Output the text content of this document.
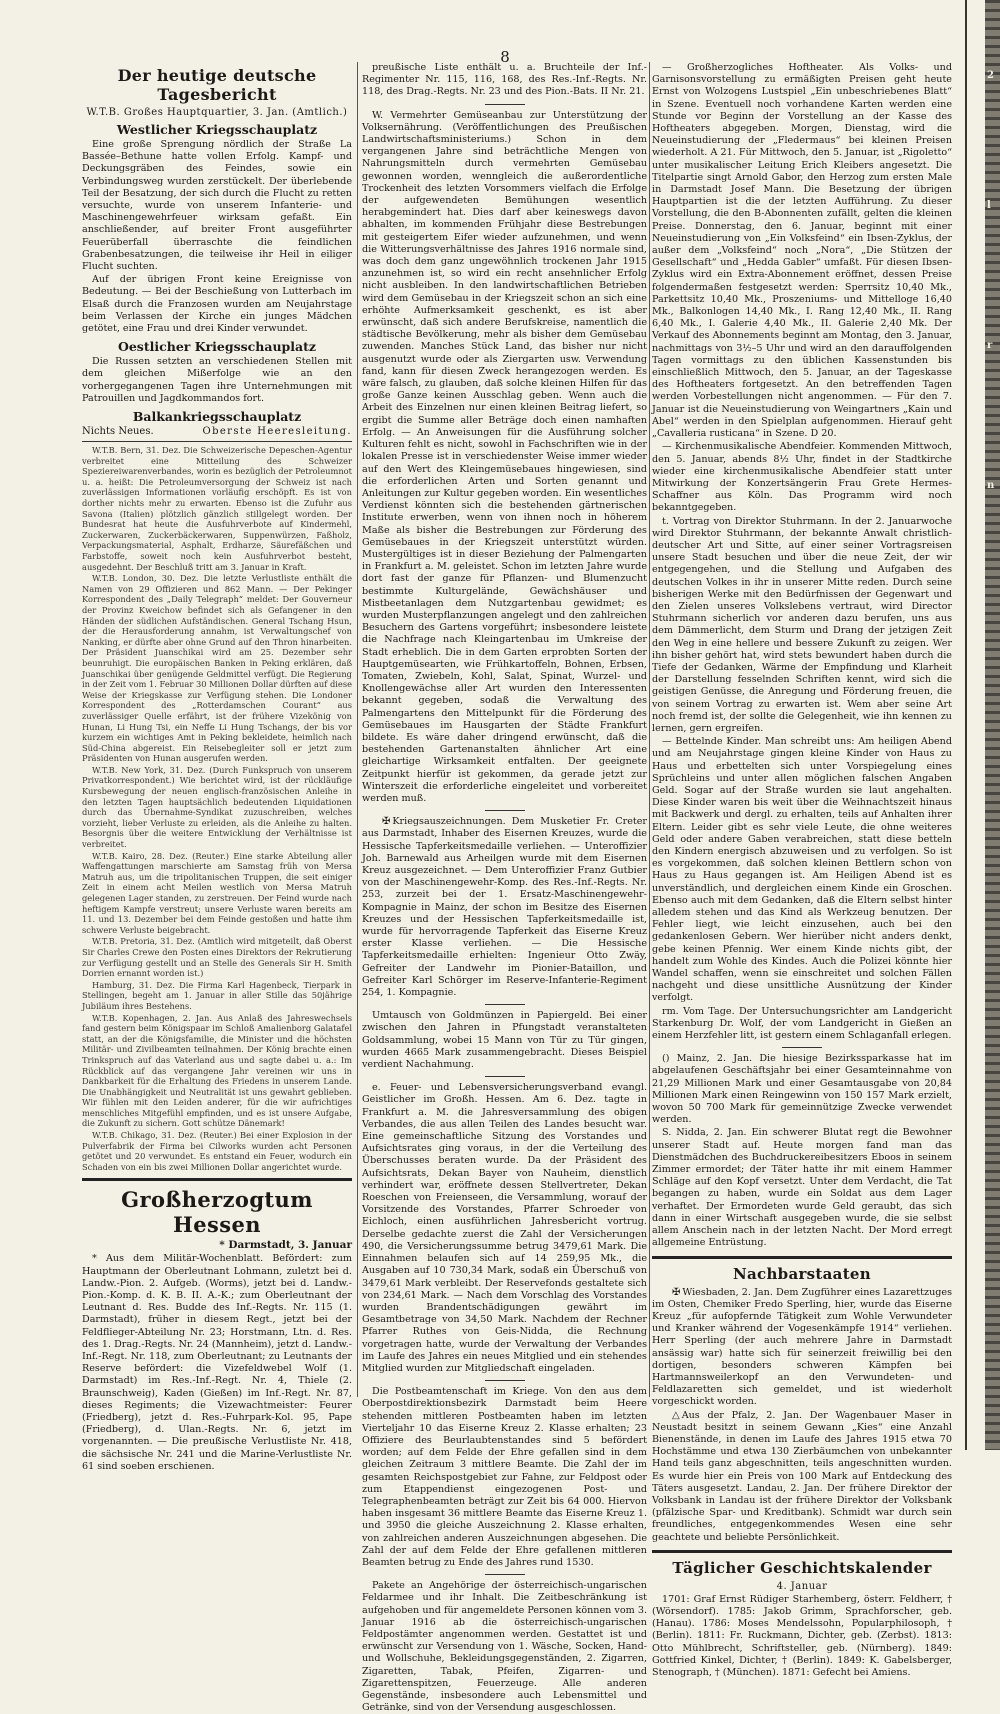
8
2
l
r
n
Der heutige deutsche Tagesbericht
W.T.B. Großes Hauptquartier, 3. Jan. (Amtlich.)
Westlicher Kriegsschauplatz

Eine große Sprengung nördlich der Straße La Bassée–Bethune hatte vollen Erfolg. Kampf- und Deckungsgräben des Feindes, sowie ein Verbindungsweg wurden zerstückelt. Der überlebende Teil der Besatzung, der sich durch die Flucht zu retten versuchte, wurde von unserem Infanterie- und Maschinengewehrfeuer wirksam gefaßt. Ein anschließender, auf breiter Front ausgeführter Feuerüberfall überraschte die feindlichen Grabenbesatzungen, die teilweise ihr Heil in eiliger Flucht suchten.

Auf der übrigen Front keine Ereignisse von Bedeutung. — Bei der Beschießung von Lutterbach im Elsaß durch die Franzosen wurden am Neujahrstage beim Verlassen der Kirche ein junges Mädchen getötet, eine Frau und drei Kinder verwundet.

Oestlicher Kriegsschauplatz

Die Russen setzten an verschiedenen Stellen mit dem gleichen Mißerfolge wie an den vorhergegangenen Tagen ihre Unternehmungen mit Patrouillen und Jagdkommandos fort.

Balkankriegsschauplatz
Nichts Neues.	Oberste Heeresleitung.

W.T.B. Bern, 31. Dez. Die Schweizerische Depeschen-Agentur verbreitet eine Mitteilung des Schweizer Speziereiwarenverbandes, worin es bezüglich der Petroleumnot u. a. heißt: Die Petroleumversorgung der Schweiz ist nach zuverlässigen Informationen vorläufig erschöpft. Es ist von dorther nichts mehr zu erwarten. Ebenso ist die Zufuhr aus Savona (Italien) plötzlich gänzlich stillgelegt worden. Der Bundesrat hat heute die Ausfuhrverbote auf Kindermehl, Zuckerwaren, Zuckerbäckerwaren, Suppenwürzen, Faßholz, Verpackungsmaterial, Asphalt, Erdharze, Säurefäßchen und Farbstoffe, soweit noch kein Ausfuhrverbot besteht, ausgedehnt. Der Beschluß tritt am 3. Januar in Kraft.

W.T.B. London, 30. Dez. Die letzte Verlustliste enthält die Namen von 29 Offizieren und 862 Mann. — Der Pekinger Korrespondent des „Daily Telegraph“ meldet: Der Gouverneur der Provinz Kweichow befindet sich als Gefangener in den Händen der südlichen Aufständischen. General Tschang Hsun, der die Herausforderung annahm, ist Verwaltungschef von Nanking, er dürfte aber ohne Grund auf den Thron hinarbeiten. Der Präsident Juanschikai wird am 25. Dezember sehr beunruhigt. Die europäischen Banken in Peking erklären, daß Juanschikai über genügende Geldmittel verfügt. Die Regierung in der Zeit vom 1. Februar 30 Millionen Dollar dürften auf diese Weise der Kriegskasse zur Verfügung stehen. Die Londoner Korrespondent des „Rotterdamschen Courant“ aus zuverlässiger Quelle erfährt, ist der frühere Vizekönig von Hunan, Li Hung Tsi, ein Neffe Li Hung Tschangs, der bis vor kurzem ein wichtiges Amt in Peking bekleidete, heimlich nach Süd-China abgereist. Ein Reisebegleiter soll er jetzt zum Präsidenten von Hunan ausgerufen werden.

W.T.B. New York, 31. Dez. (Durch Funkspruch von unserem Privatkorrespondent.) Wie berichtet wird, ist der rückläufige Kursbewegung der neuen englisch-französischen Anleihe in den letzten Tagen hauptsächlich bedeutenden Liquidationen durch das Übernahme-Syndikat zuzuschreiben, welches vorzieht, lieber Verluste zu erleiden, als die Anleihe zu halten. Besorgnis über die weitere Entwicklung der Verhältnisse ist verbreitet.

W.T.B. Kairo, 28. Dez. (Reuter.) Eine starke Abteilung aller Waffengattungen marschierte am Samstag früh von Mersa Matruh aus, um die tripolitanischen Truppen, die seit einiger Zeit in einem acht Meilen westlich von Mersa Matruh gelegenen Lager standen, zu zerstreuen. Der Feind wurde nach heftigem Kampfe verstreut; unsere Verluste waren bereits am 11. und 13. Dezember bei dem Feinde gestoßen und hatte ihm schwere Verluste beigebracht.

W.T.B. Pretoria, 31. Dez. (Amtlich wird mitgeteilt, daß Oberst Sir Charles Crewe den Posten eines Direktors der Rekrutierung zur Verfügung gestellt und an Stelle des Generals Sir H. Smith Dorrien ernannt worden ist.)

Hamburg, 31. Dez. Die Firma Karl Hagenbeck, Tierpark in Stellingen, begeht am 1. Januar in aller Stille das 50jährige Jubiläum ihres Bestehens.

W.T.B. Kopenhagen, 2. Jan. Aus Anlaß des Jahreswechsels fand gestern beim Königspaar im Schloß Amalienborg Galatafel statt, an der die Königsfamilie, die Minister und die höchsten Militär- und Zivilbeamten teilnahmen. Der König brachte einen Trinkspruch auf das Vaterland aus und sagte dabei u. a.: Im Rückblick auf das vergangene Jahr vereinen wir uns in Dankbarkeit für die Erhaltung des Friedens in unserem Lande. Die Unabhängigkeit und Neutralität ist uns gewahrt geblieben. Wir fühlen mit den Leiden anderer, für die wir aufrichtiges menschliches Mitgefühl empfinden, und es ist unsere Aufgabe, die Zukunft zu sichern. Gott schütze Dänemark!

W.T.B. Chikago, 31. Dez. (Reuter.) Bei einer Explosion in der Pulverfabrik der Firma bei Cilworks wurden acht Personen getötet und 20 verwundet. Es entstand ein Feuer, wodurch ein Schaden von ein bis zwei Millionen Dollar angerichtet wurde.

Großherzogtum Hessen
* Darmstadt, 3. Januar

* Aus dem Militär-Wochenblatt. Befördert: zum Hauptmann der Oberleutnant Lohmann, zuletzt bei d. Landw.-Pion. 2. Aufgeb. (Worms), jetzt bei d. Landw.-Pion.-Komp. d. K. B. II. A.-K.; zum Oberleutnant der Leutnant d. Res. Budde des Inf.-Regts. Nr. 115 (1. Darmstadt), früher in diesem Regt., jetzt bei der Feldflieger-Abteilung Nr. 23; Horstmann, Ltn. d. Res. des 1. Drag.-Regts. Nr. 24 (Mannheim), jetzt d. Landw.-Inf.-Regt. Nr. 118, zum Oberleutnant; zu Leutnants der Reserve befördert: die Vizefeldwebel Wolf (1. Darmstadt) im Res.-Inf.-Regt. Nr. 4, Thiele (2. Braunschweig), Kaden (Gießen) im Inf.-Regt. Nr. 87, dieses Regiments; die Vizewachtmeister: Feurer (Friedberg), jetzt d. Res.-Fuhrpark-Kol. 95, Pape (Friedberg), d. Ulan.-Regts. Nr. 6, jetzt im vorgenannten. — Die preußische Verlustliste Nr. 418, die sächsische Nr. 241 und die Marine-Verlustliste Nr. 61 sind soeben erschienen.

preußische Liste enthält u. a. Bruchteile der Inf.-Regimenter Nr. 115, 116, 168, des Res.-Inf.-Regts. Nr. 118, des Drag.-Regts. Nr. 23 und des Pion.-Bats. II Nr. 21.

W. Vermehrter Gemüseanbau zur Unterstützung der Volksernährung. (Veröffentlichungen des Preußischen Landwirtschaftsministeriums.) Schon in dem vergangenen Jahre sind beträchtliche Mengen von Nahrungsmitteln durch vermehrten Gemüsebau gewonnen worden, wenngleich die außerordentliche Trockenheit des letzten Vorsommers vielfach die Erfolge der aufgewendeten Bemühungen wesentlich herabgemindert hat. Dies darf aber keineswegs davon abhalten, im kommenden Frühjahr diese Bestrebungen mit gesteigertem Eifer wieder aufzunehmen, und wenn die Witterungsverhältnisse des Jahres 1916 normale sind, was doch dem ganz ungewöhnlich trockenen Jahr 1915 anzunehmen ist, so wird ein recht ansehnlicher Erfolg nicht ausbleiben. In den landwirtschaftlichen Betrieben wird dem Gemüsebau in der Kriegszeit schon an sich eine erhöhte Aufmerksamkeit geschenkt, es ist aber erwünscht, daß sich andere Berufskreise, namentlich die städtische Bevölkerung, mehr als bisher dem Gemüsebau zuwenden. Manches Stück Land, das bisher nur nicht ausgenutzt wurde oder als Ziergarten usw. Verwendung fand, kann für diesen Zweck herangezogen werden. Es wäre falsch, zu glauben, daß solche kleinen Hilfen für das große Ganze keinen Ausschlag geben. Wenn auch die Arbeit des Einzelnen nur einen kleinen Beitrag liefert, so ergibt die Summe aller Beträge doch einen namhaften Erfolg. — An Anweisungen für die Ausführung solcher Kulturen fehlt es nicht, sowohl in Fachschriften wie in der lokalen Presse ist in verschiedenster Weise immer wieder auf den Wert des Kleingemüsebaues hingewiesen, sind die erforderlichen Arten und Sorten genannt und Anleitungen zur Kultur gegeben worden. Ein wesentliches Verdienst könnten sich die bestehenden gärtnerischen Institute erwerben, wenn von ihnen noch in höherem Maße als bisher die Bestrebungen zur Förderung des Gemüsebaues in der Kriegszeit unterstützt würden. Mustergültiges ist in dieser Beziehung der Palmengarten in Frankfurt a. M. geleistet. Schon im letzten Jahre wurde dort fast der ganze für Pflanzen- und Blumenzucht bestimmte Kulturgelände, Gewächshäuser und Mistbeetanlagen dem Nutzgartenbau gewidmet; es wurden Musterpflanzungen angelegt und den zahlreichen Besuchern des Gartens vorgeführt; insbesondere leistete die Nachfrage nach Kleingartenbau im Umkreise der Stadt erheblich. Die in dem Garten erprobten Sorten der Hauptgemüsearten, wie Frühkartoffeln, Bohnen, Erbsen, Tomaten, Zwiebeln, Kohl, Salat, Spinat, Wurzel- und Knollengewächse aller Art wurden den Interessenten bekannt gegeben, sodaß die Verwaltung des Palmengartens den Mittelpunkt für die Förderung des Gemüsebaues im Hausgarten der Städte Frankfurt bildete. Es wäre daher dringend erwünscht, daß die bestehenden Gartenanstalten ähnlicher Art eine gleichartige Wirksamkeit entfalten. Der geeignete Zeitpunkt hierfür ist gekommen, da gerade jetzt zur Winterszeit die erforderliche eingeleitet und vorbereitet werden muß.

✠ Kriegsauszeichnungen. Dem Musketier Fr. Creter aus Darmstadt, Inhaber des Eisernen Kreuzes, wurde die Hessische Tapferkeitsmedaille verliehen. — Unteroffizier Joh. Barnewald aus Arheilgen wurde mit dem Eisernen Kreuz ausgezeichnet. — Dem Unteroffizier Franz Gutbier von der Maschinengewehr-Komp. des Res.-Inf.-Regts. Nr. 253, zurzeit bei der 1. Ersatz-Maschinengewehr-Kompagnie in Mainz, der schon im Besitze des Eisernen Kreuzes und der Hessischen Tapferkeitsmedaille ist, wurde für hervorragende Tapferkeit das Eiserne Kreuz erster Klasse verliehen. — Die Hessische Tapferkeitsmedaille erhielten: Ingenieur Otto Zwäy, Gefreiter der Landwehr im Pionier-Bataillon, und Gefreiter Karl Schörger im Reserve-Infanterie-Regiment 254, 1. Kompagnie.

Umtausch von Goldmünzen in Papiergeld. Bei einer zwischen den Jahren in Pfungstadt veranstalteten Goldsammlung, wobei 15 Mann von Tür zu Tür gingen, wurden 4665 Mark zusammengebracht. Dieses Beispiel verdient Nachahmung.

e. Feuer- und Lebensversicherungsverband evangl. Geistlicher im Großh. Hessen. Am 6. Dez. tagte in Frankfurt a. M. die Jahresversammlung des obigen Verbandes, die aus allen Teilen des Landes besucht war. Eine gemeinschaftliche Sitzung des Vorstandes und Aufsichtsrates ging voraus, in der die Verteilung des Überschusses beraten wurde. Da der Präsident des Aufsichtsrats, Dekan Bayer von Nauheim, dienstlich verhindert war, eröffnete dessen Stellvertreter, Dekan Roeschen von Freienseen, die Versammlung, worauf der Vorsitzende des Vorstandes, Pfarrer Schroeder von Eichloch, einen ausführlichen Jahresbericht vortrug. Derselbe gedachte zuerst die Zahl der Versicherungen 490, die Versicherungssumme betrug 3479,61 Mark. Die Einnahmen belaufen sich auf 14 259,95 Mk., die Ausgaben auf 10 730,34 Mark, sodaß ein Überschuß von 3479,61 Mark verbleibt. Der Reservefonds gestaltete sich von 234,61 Mark. — Nach dem Vorschlag des Vorstandes wurden Brandentschädigungen gewährt im Gesamtbetrage von 34,50 Mark. Nachdem der Rechner Pfarrer Ruthes von Geis-Nidda, die Rechnung vorgetragen hatte, wurde der Verwaltung der Verbandes im Laufe des Jahres ein neues Mitglied und ein stehendes Mitglied wurden zur Mitgliedschaft eingeladen.

Die Postbeamtenschaft im Kriege. Von den aus dem Oberpostdirektionsbezirk Darmstadt beim Heere stehenden mittleren Postbeamten haben im letzten Vierteljahr 10 das Eiserne Kreuz 2. Klasse erhalten; 23 Offiziere des Beurlaubtenstandes sind 5 befördert worden; auf dem Felde der Ehre gefallen sind in dem gleichen Zeitraum 3 mittlere Beamte. Die Zahl der im gesamten Reichspostgebiet zur Fahne, zur Feldpost oder zum Etappendienst eingezogenen Post- und Telegraphenbeamten beträgt zur Zeit bis 64 000. Hiervon haben insgesamt 36 mittlere Beamte das Eiserne Kreuz 1. und 3950 die gleiche Auszeichnung 2. Klasse erhalten, von zahlreichen anderen Auszeichnungen abgesehen. Die Zahl der auf dem Felde der Ehre gefallenen mittleren Beamten betrug zu Ende des Jahres rund 1530.

Pakete an Angehörige der österreichisch-ungarischen Feldarmee und ihr Inhalt. Die Zeitbeschränkung ist aufgehoben und für angemeldete Personen können vom 3. Januar 1916 ab die österreichisch-ungarischen Feldpostämter angenommen werden. Gestattet ist und erwünscht zur Versendung von 1. Wäsche, Socken, Hand- und Wollschuhe, Bekleidungsgegenständen, 2. Zigarren, Zigaretten, Tabak, Pfeifen, Zigarren- und Zigarettenspitzen, Feuerzeuge. Alle anderen Gegenstände, insbesondere auch Lebensmittel und Getränke, sind von der Versendung ausgeschlossen.

— Großherzogliches Hoftheater. Als Volks- und Garnisonsvorstellung zu ermäßigten Preisen geht heute Ernst von Wolzogens Lustspiel „Ein unbeschriebenes Blatt“ in Szene. Eventuell noch vorhandene Karten werden eine Stunde vor Beginn der Vorstellung an der Kasse des Hoftheaters abgegeben. Morgen, Dienstag, wird die Neueinstudierung der „Fledermaus“ bei kleinen Preisen wiederholt. A 21. Für Mittwoch, den 5. Januar, ist „Rigoletto“ unter musikalischer Leitung Erich Kleibers angesetzt. Die Titelpartie singt Arnold Gabor, den Herzog zum ersten Male in Darmstadt Josef Mann. Die Besetzung der übrigen Hauptpartien ist die der letzten Aufführung. Zu dieser Vorstellung, die den B-Abonnenten zufällt, gelten die kleinen Preise. Donnerstag, den 6. Januar, beginnt mit einer Neueinstudierung von „Ein Volksfeind“ ein Ibsen-Zyklus, der außer dem „Volksfeind“ noch „Nora“, „Die Stützen der Gesellschaft“ und „Hedda Gabler“ umfaßt. Für diesen Ibsen-Zyklus wird ein Extra-Abonnement eröffnet, dessen Preise folgendermaßen festgesetzt werden: Sperrsitz 10,40 Mk., Parkettsitz 10,40 Mk., Proszeniums- und Mittelloge 16,40 Mk., Balkonlogen 14,40 Mk., I. Rang 12,40 Mk., II. Rang 6,40 Mk., I. Galerie 4,40 Mk., II. Galerie 2,40 Mk. Der Verkauf des Abonnements beginnt am Montag, den 3. Januar, nachmittags von 3½–5 Uhr und wird an den darauffolgenden Tagen vormittags zu den üblichen Kassenstunden bis einschließlich Mittwoch, den 5. Januar, an der Tageskasse des Hoftheaters fortgesetzt. An den betreffenden Tagen werden Vorbestellungen nicht angenommen. — Für den 7. Januar ist die Neueinstudierung von Weingartners „Kain und Abel“ werden in den Spielplan aufgenommen. Hierauf geht „Cavalleria rusticana“ in Szene. D 20.

— Kirchenmusikalische Abendfeier. Kommenden Mittwoch, den 5. Januar, abends 8½ Uhr, findet in der Stadtkirche wieder eine kirchenmusikalische Abendfeier statt unter Mitwirkung der Konzertsängerin Frau Grete Hermes-Schaffner aus Köln. Das Programm wird noch bekanntgegeben.

t. Vortrag von Direktor Stuhrmann. In der 2. Januarwoche wird Direktor Stuhrmann, der bekannte Anwalt christlich-deutscher Art und Sitte, auf einer seiner Vortragsreisen unsere Stadt besuchen und über die neue Zeit, der wir entgegengehen, und die Stellung und Aufgaben des deutschen Volkes in ihr in unserer Mitte reden. Durch seine bisherigen Werke mit den Bedürfnissen der Gegenwart und den Zielen unseres Volkslebens vertraut, wird Director Stuhrmann sicherlich vor anderen dazu berufen, uns aus dem Dämmerlicht, dem Sturm und Drang der jetzigen Zeit den Weg in eine hellere und bessere Zukunft zu zeigen. Wer ihn bisher gehört hat, wird stets bewundert haben durch die Tiefe der Gedanken, Wärme der Empfindung und Klarheit der Darstellung fesselnden Schriften kennt, wird sich die geistigen Genüsse, die Anregung und Förderung freuen, die von seinem Vortrag zu erwarten ist. Wem aber seine Art noch fremd ist, der sollte die Gelegenheit, wie ihn kennen zu lernen, gern ergreifen.

— Bettelnde Kinder. Man schreibt uns: Am heiligen Abend und am Neujahrstage gingen kleine Kinder von Haus zu Haus und erbettelten sich unter Vorspiegelung eines Sprüchleins und unter allen möglichen falschen Angaben Geld. Sogar auf der Straße wurden sie laut angehalten. Diese Kinder waren bis weit über die Weihnachtszeit hinaus mit Backwerk und dergl. zu erhalten, teils auf Anhalten ihrer Eltern. Leider gibt es sehr viele Leute, die ohne weiteres Geld oder andere Gaben verabreichen, statt diese betteln den Kindern energisch abzuweisen und zu verfolgen. So ist es vorgekommen, daß solchen kleinen Bettlern schon von Haus zu Haus gegangen ist. Am Heiligen Abend ist es unverständlich, und dergleichen einem Kinde ein Groschen. Ebenso auch mit dem Gedanken, daß die Eltern selbst hinter alledem stehen und das Kind als Werkzeug benutzen. Der Fehler liegt, wie leicht einzusehen, auch bei den gedankenlosen Gebern. Wer hierüber nicht anders denkt, gebe keinen Pfennig. Wer einem Kinde nichts gibt, der handelt zum Wohle des Kindes. Auch die Polizei könnte hier Wandel schaffen, wenn sie einschreitet und solchen Fällen nachgeht und diese unsittliche Ausnützung der Kinder verfolgt.

rm. Vom Tage. Der Untersuchungsrichter am Landgericht Starkenburg Dr. Wolf, der vom Landgericht in Gießen an einem Herzfehler litt, ist gestern einem Schlaganfall erlegen.

() Mainz, 2. Jan. Die hiesige Bezirkssparkasse hat im abgelaufenen Geschäftsjahr bei einer Gesamteinnahme von 21,29 Millionen Mark und einer Gesamtausgabe von 20,84 Millionen Mark einen Reingewinn von 150 157 Mark erzielt, wovon 50 700 Mark für gemeinnützige Zwecke verwendet werden.

S. Nidda, 2. Jan. Ein schwerer Blutat regt die Bewohner unserer Stadt auf. Heute morgen fand man das Dienstmädchen des Buchdruckereibesitzers Eboos in seinem Zimmer ermordet; der Täter hatte ihr mit einem Hammer Schläge auf den Kopf versetzt. Unter dem Verdacht, die Tat begangen zu haben, wurde ein Soldat aus dem Lager verhaftet. Der Ermordeten wurde Geld geraubt, das sich dann in einer Wirtschaft ausgegeben wurde, die sie selbst allem Anschein nach in der letzten Nacht. Der Mord erregt allgemeine Entrüstung.

Nachbarstaaten

✠ Wiesbaden, 2. Jan. Dem Zugführer eines Lazarettzuges im Osten, Chemiker Fredo Sperling, hier, wurde das Eiserne Kreuz „für aufopfernde Tätigkeit zum Wohle Verwundeter und Kranker während der Vogesenkämpfe 1914“ verliehen. Herr Sperling (der auch mehrere Jahre in Darmstadt ansässig war) hatte sich für seinerzeit freiwillig bei den dortigen, besonders schweren Kämpfen bei Hartmannsweilerkopf an den Verwundeten- und Feldlazaretten sich gemeldet, und ist wiederholt vorgeschickt worden.

△ Aus der Pfalz, 2. Jan. Der Wagenbauer Maser in Neustadt besitzt in seinem Gewann „Kies“ eine Anzahl Bienenstände, in denen im Laufe des Jahres 1915 etwa 70 Hochstämme und etwa 130 Zierbäumchen von unbekannter Hand teils ganz abgeschnitten, teils angeschnitten wurden. Es wurde hier ein Preis von 100 Mark auf Entdeckung des Täters ausgesetzt. Landau, 2. Jan. Der frühere Direktor der Volksbank in Landau ist der frühere Direktor der Volksbank (pfälzische Spar- und Kreditbank). Schmidt war durch sein freundliches, entgegenkommendes Wesen eine sehr geachtete und beliebte Persönlichkeit.

Täglicher Geschichtskalender
4. Januar

1701: Graf Ernst Rüdiger Starhemberg, österr. Feldherr, † (Wörsendorf). 1785: Jakob Grimm, Sprachforscher, geb. (Hanau). 1786: Moses Mendelssohn, Popularphilosoph, † (Berlin). 1811: Fr. Ruckmann, Dichter, geb. (Zerbst). 1813: Otto Mühlbrecht, Schriftsteller, geb. (Nürnberg). 1849: Gottfried Kinkel, Dichter, † (Berlin). 1849: K. Gabelsberger, Stenograph, † (München). 1871: Gefecht bei Amiens.
